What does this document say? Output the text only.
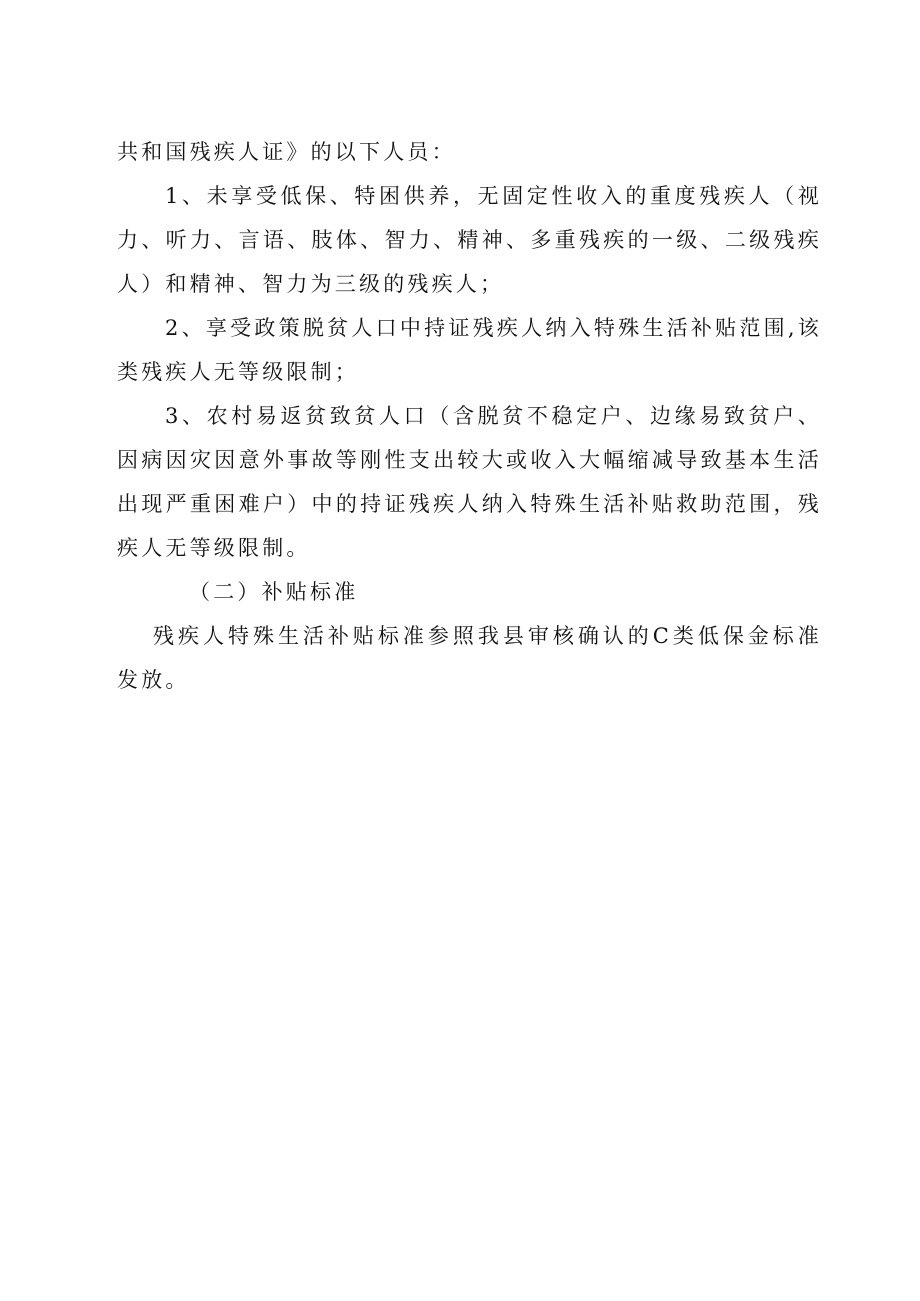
共和国残疾人证》的以下人员：

1、未享受低保、特困供养，无固定性收入的重度残疾人（视力、听力、言语、肢体、智力、精神、多重残疾的一级、二级残疾人）和精神、智力为三级的残疾人；

2、享受政策脱贫人口中持证残疾人纳入特殊生活补贴范围,该类残疾人无等级限制；

3、农村易返贫致贫人口（含脱贫不稳定户、边缘易致贫户、因病因灾因意外事故等刚性支出较大或收入大幅缩减导致基本生活出现严重困难户）中的持证残疾人纳入特殊生活补贴救助范围，残疾人无等级限制。

（二）补贴标准

残疾人特殊生活补贴标准参照我县审核确认的C类低保金标准发放。
